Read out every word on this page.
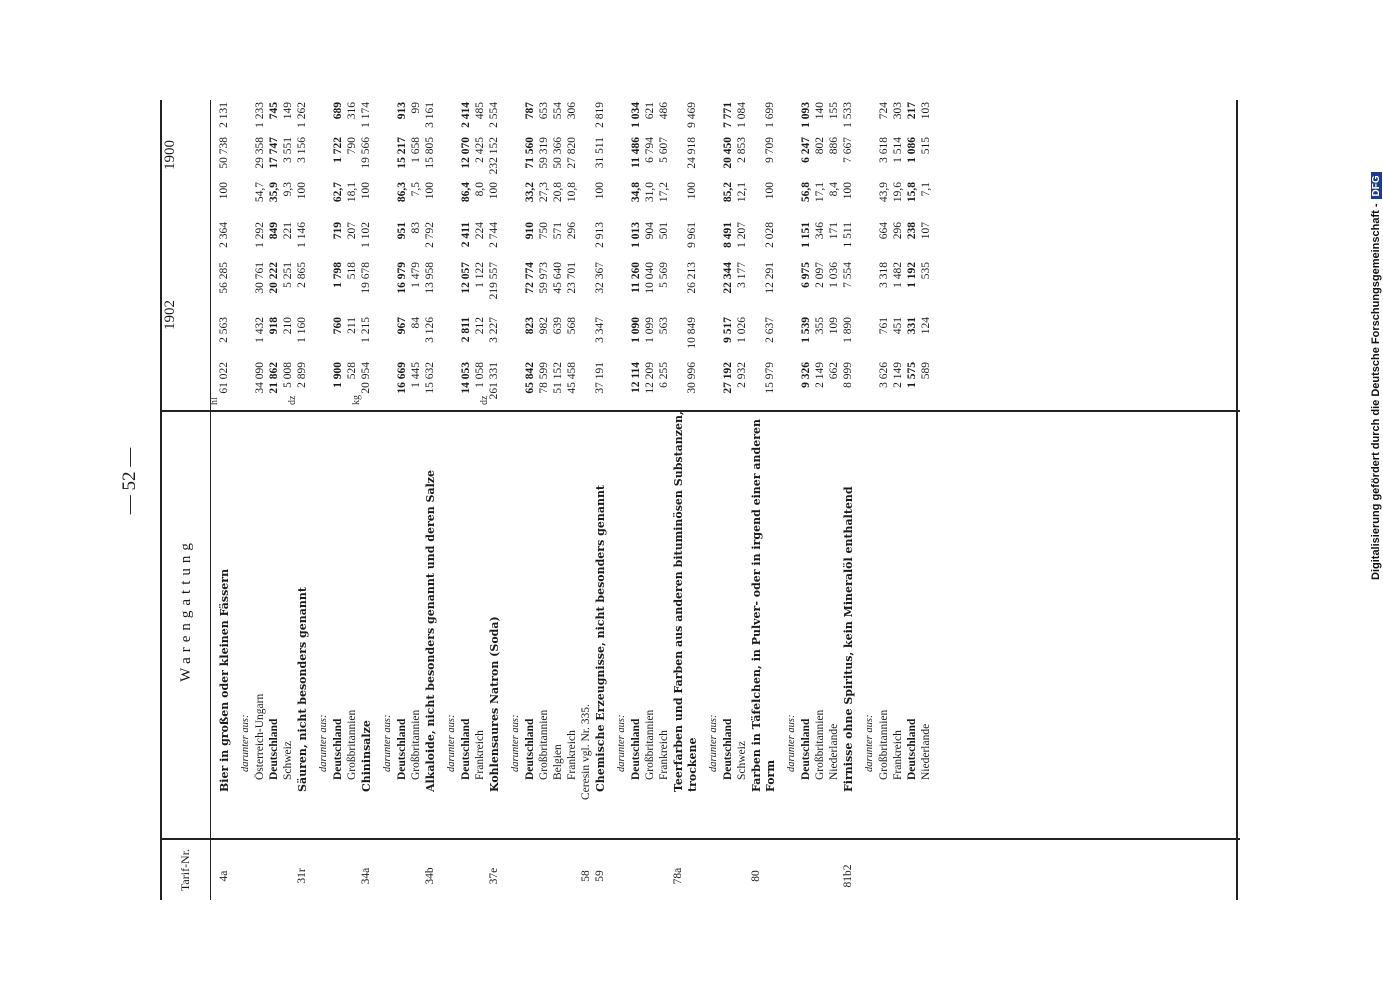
— 52 —	Digitalisierung gefördert durch die Deutsche Forschungsgemeinschaft -DFG
Tarif-Nr.
Warengattung
1902
1900
4a
Bier in großen oder kleinen Fässern
hl
61 022
2 563
56 285
2 364
100
50 738
2 131
darunter aus: Österreich-Ungarn
34 090
1 432
30 761
1 292
54,7
29 358
1 233
Deutschland
21 862
918
20 222
849
35,9
17 747
745
Schweiz
5 008
210
5 251
221
9,3
3 551
149
31r
Säuren, nicht besonders genannt
dz
2 899
1 160
2 865
1 146
100
3 156
1 262
darunter aus: Deutschland
1 900
760
1 798
719
62,7
1 722
689
Großbritannien
528
211
518
207
18,1
790
316
34a
Chininsalze
kg
20 954
1 215
19 678
1 102
100
19 566
1 174
darunter aus: Deutschland
16 669
967
16 979
951
86,3
15 217
913
Großbritannien
1 445
84
1 479
83
7,5
1 658
99
34b
Alkaloide, nicht besonders genannt und deren Salze
15 632
3 126
13 958
2 792
100
15 805
3 161
darunter aus: Deutschland
14 053
2 811
12 057
2 411
86,4
12 070
2 414
Frankreich
1 058
212
1 122
224
8,0
2 425
485
37e
Kohlensaures Natron (Soda)
dz
261 331
3 227
219 557
2 744
100
232 152
2 554
darunter aus: Deutschland
65 842
823
72 774
910
33,2
71 560
787
Großbritannien
78 599
982
59 973
750
27,3
59 319
653
Belgien
51 152
639
45 640
571
20,8
50 366
554
Frankreich
45 458
568
23 701
296
10,8
27 820
306
58
Ceresin vgl. Nr. 335.
59
Chemische Erzeugnisse, nicht besonders genannt
37 191
3 347
32 367
2 913
100
31 511
2 819
darunter aus: Deutschland
12 114
1 090
11 260
1 013
34,8
11 486
1 034
Großbritannien
12 209
1 099
10 040
904
31,0
6 794
621
Frankreich
6 255
563
5 569
501
17,2
5 607
486
78a
Teerfarben und Farben aus anderen bituminösen Substanzen, trockene
30 996
10 849
26 213
9 961
100
24 918
9 469
darunter aus: Deutschland
27 192
9 517
22 344
8 491
85,2
20 450
7 771
Schweiz
2 932
1 026
3 177
1 207
12,1
2 853
1 084
80
Farben in Täfelchen, in Pulver- oder in irgend einer anderen Form
15 979
2 637
12 291
2 028
100
9 709
1 699
darunter aus: Deutschland
9 326
1 539
6 975
1 151
56,8
6 247
1 093
Großbritannien
2 149
355
2 097
346
17,1
802
140
Niederlande
662
109
1 036
171
8,4
886
155
81b2
Firnisse ohne Spiritus, kein Mineralöl enthaltend
8 999
1 890
7 554
1 511
100
7 667
1 533
darunter aus: Großbritannien
3 626
761
3 318
664
43,9
3 618
724
Frankreich
2 149
451
1 482
296
19,6
1 514
303
Deutschland
1 575
331
1 192
238
15,8
1 086
217
Niederlande
589
124
535
107
7,1
515
103
